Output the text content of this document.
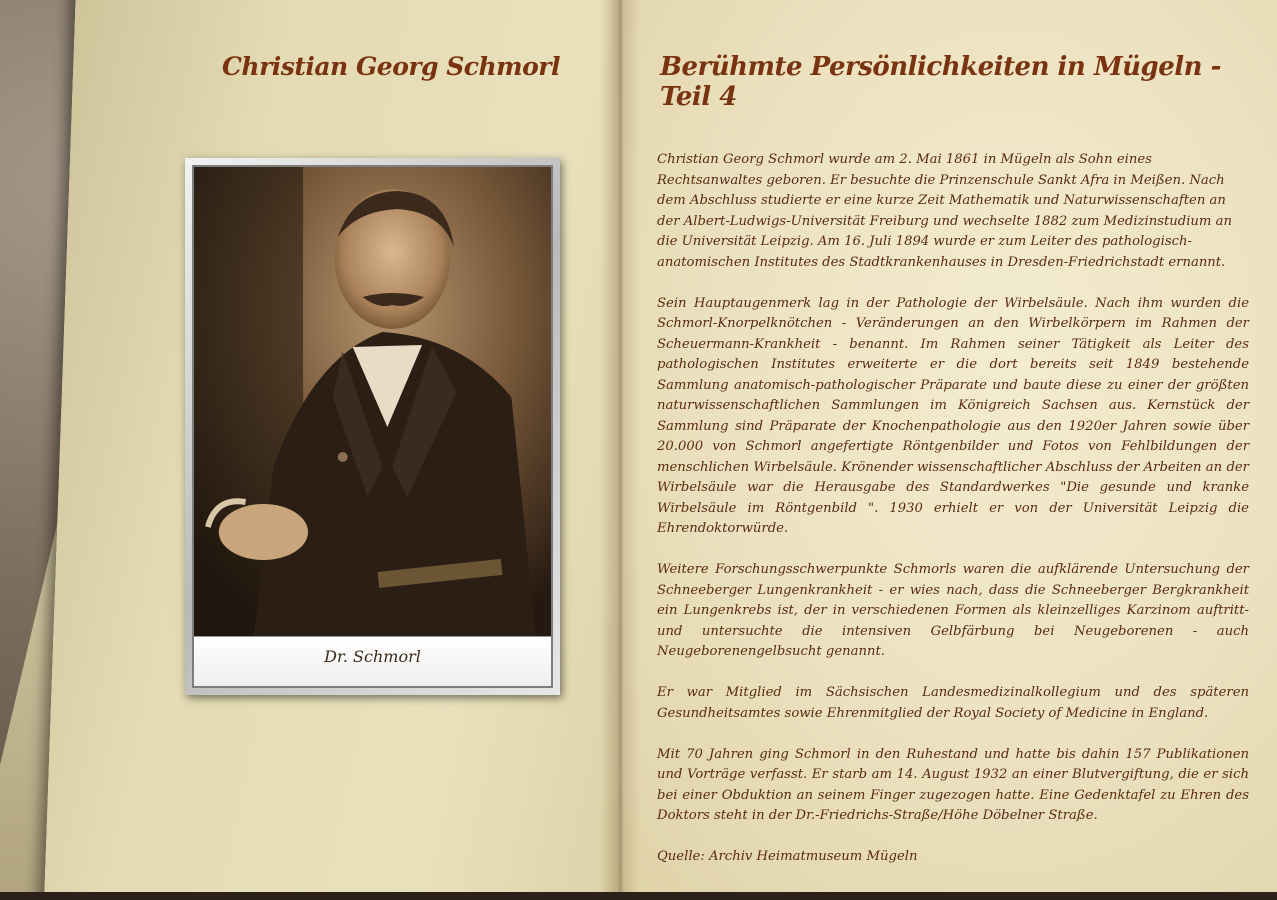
Christian Georg Schmorl
Dr. Schmorl
Berühmte Persönlichkeiten in Mügeln - Teil 4

Christian Georg Schmorl wurde am 2. Mai 1861 in Mügeln als Sohn eines Rechtsanwaltes geboren. Er besuchte die Prinzenschule Sankt Afra in Meißen. Nach dem Abschluss studierte er eine kurze Zeit Mathematik und Naturwissenschaften an der Albert-Ludwigs-Universität Freiburg und wechselte 1882 zum Medizinstudium an die Universität Leipzig. Am 16. Juli 1894 wurde er zum Leiter des pathologisch-anatomischen Institutes des Stadtkrankenhauses in Dresden-Friedrichstadt ernannt.

Sein Hauptaugenmerk lag in der Pathologie der Wirbelsäule. Nach ihm wurden die Schmorl-Knorpelknötchen - Veränderungen an den Wirbelkörpern im Rahmen der Scheuermann-Krankheit - benannt. Im Rahmen seiner Tätigkeit als Leiter des pathologischen Institutes erweiterte er die dort bereits seit 1849 bestehende Sammlung anatomisch-pathologischer Präparate und baute diese zu einer der größten naturwissenschaftlichen Sammlungen im Königreich Sachsen aus. Kernstück der Sammlung sind Präparate der Knochenpathologie aus den 1920er Jahren sowie über 20.000 von Schmorl angefertigte Röntgenbilder und Fotos von Fehlbildungen der menschlichen Wirbelsäule. Krönender wissenschaftlicher Abschluss der Arbeiten an der Wirbelsäule war die Herausgabe des Standardwerkes "Die gesunde und kranke Wirbelsäule im Röntgenbild ". 1930 erhielt er von der Universität Leipzig die Ehrendoktorwürde.

Weitere Forschungsschwerpunkte Schmorls waren die aufklärende Untersuchung der Schneeberger Lungenkrankheit - er wies nach, dass die Schneeberger Bergkrankheit ein Lungenkrebs ist, der in verschiedenen Formen als kleinzelliges Karzinom auftritt- und untersuchte die intensiven Gelbfärbung bei Neugeborenen - auch Neugeborenengelbsucht genannt.

Er war Mitglied im Sächsischen Landesmedizinalkollegium und des späteren Gesundheitsamtes sowie Ehrenmitglied der Royal Society of Medicine in England.

Mit 70 Jahren ging Schmorl in den Ruhestand und hatte bis dahin 157 Publikationen und Vorträge verfasst. Er starb am 14. August 1932 an einer Blutvergiftung, die er sich bei einer Obduktion an seinem Finger zugezogen hatte. Eine Gedenktafel zu Ehren des Doktors steht in der Dr.-Friedrichs-Straße/Höhe Döbelner Straße.

Quelle: Archiv Heimatmuseum Mügeln
